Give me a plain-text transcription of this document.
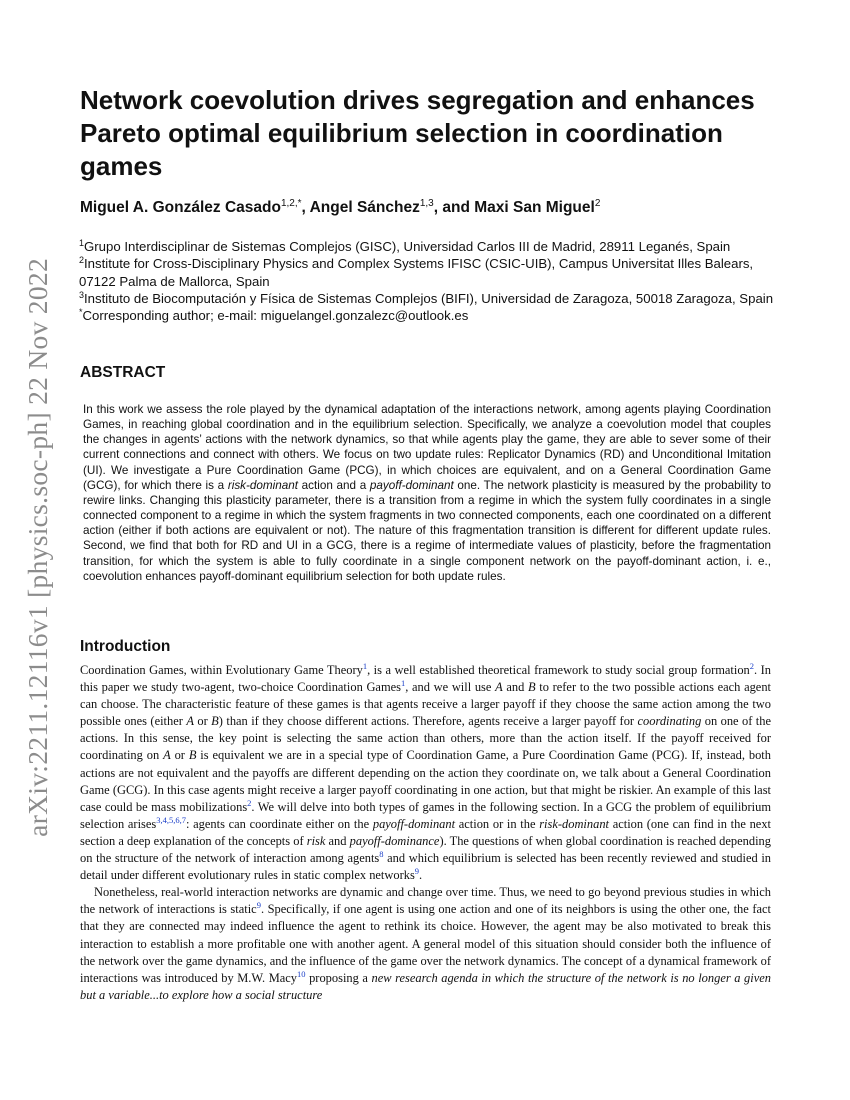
arXiv:2211.12116v1 [physics.soc-ph] 22 Nov 2022
Network coevolution drives segregation and enhances Pareto optimal equilibrium selection in coordination games
Miguel A. González Casado$^{1,2,*}$, Angel Sánchez$^{1,3}$, and Maxi San Miguel$^2$

$^1$Grupo Interdisciplinar de Sistemas Complejos (GISC), Universidad Carlos III de Madrid, 28911 Leganés, Spain

$^2$Institute for Cross-Disciplinary Physics and Complex Systems IFISC (CSIC-UIB), Campus Universitat Illes Balears, 07122 Palma de Mallorca, Spain

$^3$Instituto de Biocomputación y Física de Sistemas Complejos (BIFI), Universidad de Zaragoza, 50018 Zaragoza, Spain

*Corresponding author; e-mail: miguelangel.gonzalezc@outlook.es

ABSTRACT

In this work we assess the role played by the dynamical adaptation of the interactions network, among agents playing Coordination Games, in reaching global coordination and in the equilibrium selection. Specifically, we analyze a coevolution model that couples the changes in agents’ actions with the network dynamics, so that while agents play the game, they are able to sever some of their current connections and connect with others. We focus on two update rules: Replicator Dynamics (RD) and Unconditional Imitation (UI). We investigate a Pure Coordination Game (PCG), in which choices are equivalent, and on a General Coordination Game (GCG), for which there is a risk-dominant action and a payoff-dominant one. The network plasticity is measured by the probability to rewire links. Changing this plasticity parameter, there is a transition from a regime in which the system fully coordinates in a single connected component to a regime in which the system fragments in two connected components, each one coordinated on a different action (either if both actions are equivalent or not). The nature of this fragmentation transition is different for different update rules. Second, we find that both for RD and UI in a GCG, there is a regime of intermediate values of plasticity, before the fragmentation transition, for which the system is able to fully coordinate in a single component network on the payoff-dominant action, i. e., coevolution enhances payoff-dominant equilibrium selection for both update rules.

Introduction

Coordination Games, within Evolutionary Game Theory$^1$, is a well established theoretical framework to study social group formation$^2$. In this paper we study two-agent, two-choice Coordination Games$^1$, and we will use A and B to refer to the two possible actions each agent can choose. The characteristic feature of these games is that agents receive a larger payoff if they choose the same action among the two possible ones (either A or B) than if they choose different actions. Therefore, agents receive a larger payoff for coordinating on one of the actions. In this sense, the key point is selecting the same action than others, more than the action itself. If the payoff received for coordinating on A or B is equivalent we are in a special type of Coordination Game, a Pure Coordination Game (PCG). If, instead, both actions are not equivalent and the payoffs are different depending on the action they coordinate on, we talk about a General Coordination Game (GCG). In this case agents might receive a larger payoff coordinating in one action, but that might be riskier. An example of this last case could be mass mobilizations$^2$. We will delve into both types of games in the following section. In a GCG the problem of equilibrium selection arises$^{3,4,5,6,7}$: agents can coordinate either on the payoff-dominant action or in the risk-dominant action (one can find in the next section a deep explanation of the concepts of risk and payoff-dominance). The questions of when global coordination is reached depending on the structure of the network of interaction among agents$^8$ and which equilibrium is selected has been recently reviewed and studied in detail under different evolutionary rules in static complex networks$^9$.

Nonetheless, real-world interaction networks are dynamic and change over time. Thus, we need to go beyond previous studies in which the network of interactions is static$^9$. Specifically, if one agent is using one action and one of its neighbors is using the other one, the fact that they are connected may indeed influence the agent to rethink its choice. However, the agent may be also motivated to break this interaction to establish a more profitable one with another agent. A general model of this situation should consider both the influence of the network over the game dynamics, and the influence of the game over the network dynamics. The concept of a dynamical framework of interactions was introduced by M.W. Macy$^{10}$ proposing a new research agenda in which the structure of the network is no longer a given but a variable...to explore how a social structure
